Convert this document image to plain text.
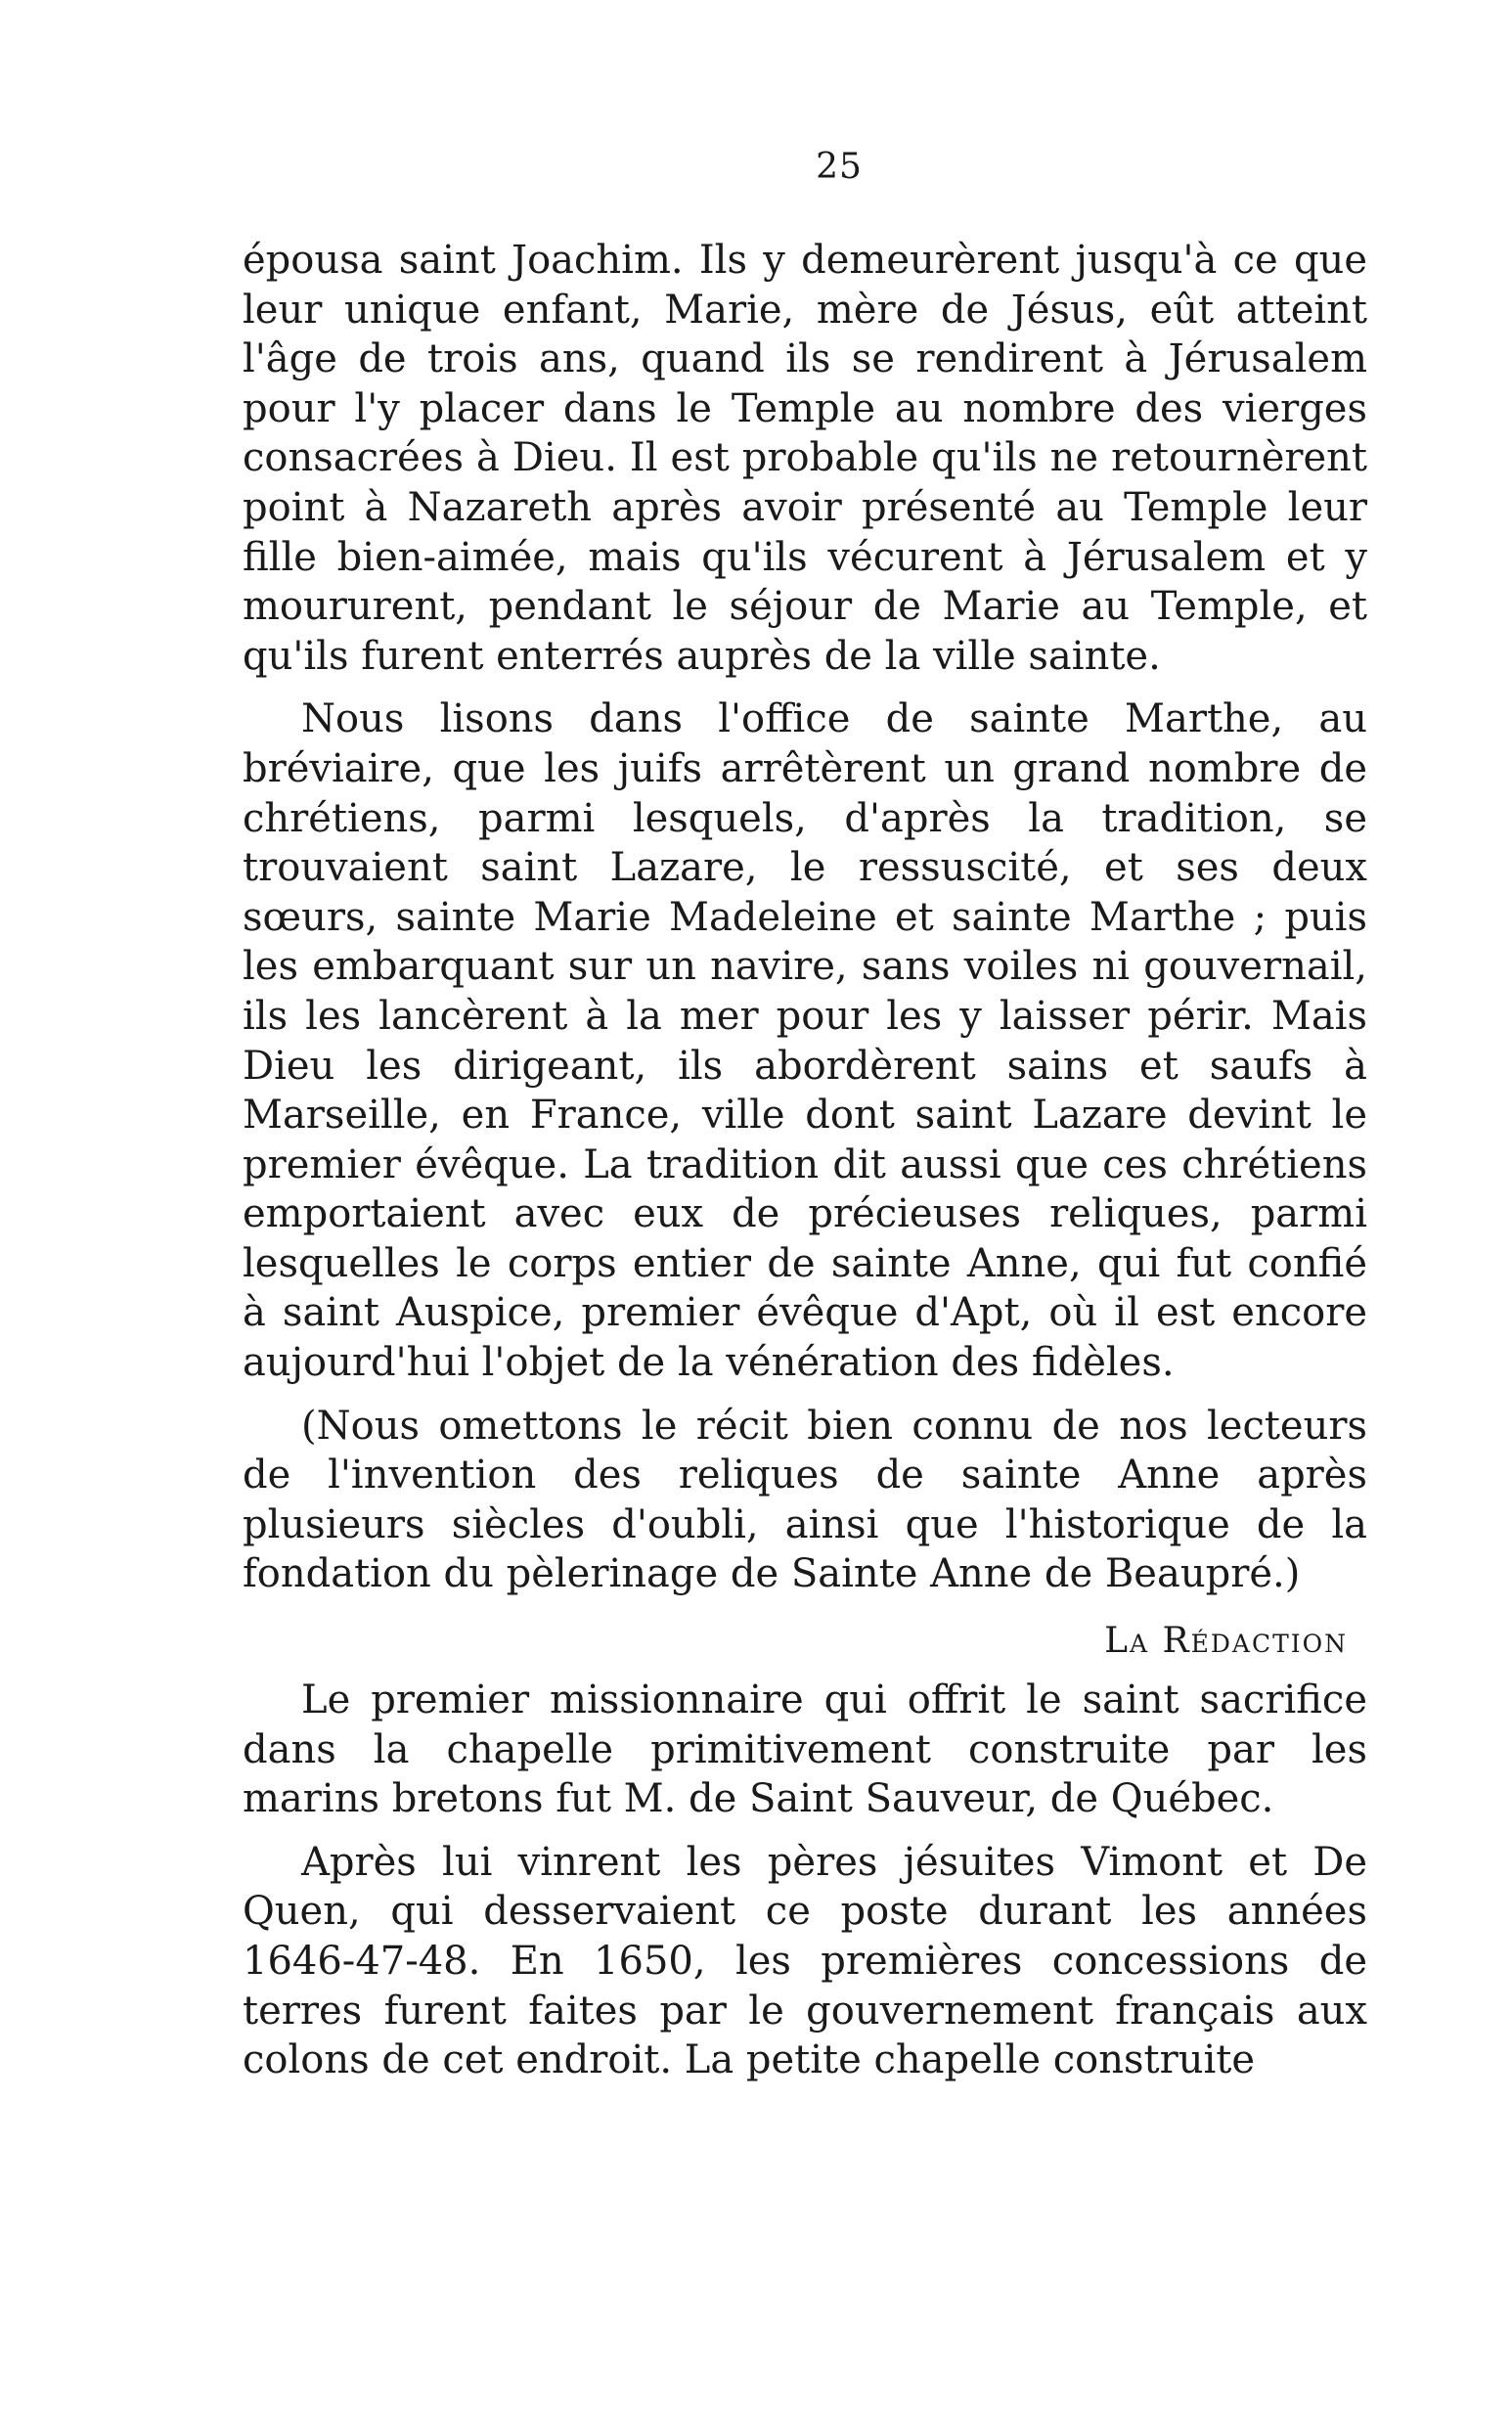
25

épousa saint Joachim. Ils y demeurèrent jusqu'à ce que leur unique enfant, Marie, mère de Jésus, eût atteint l'âge de trois ans, quand ils se rendirent à Jérusalem pour l'y placer dans le Temple au nombre des vierges consacrées à Dieu. Il est probable qu'ils ne retournèrent point à Nazareth après avoir présenté au Temple leur fille bien-aimée, mais qu'ils vécurent à Jérusalem et y moururent, pendant le séjour de Marie au Temple, et qu'ils furent enterrés auprès de la ville sainte.

Nous lisons dans l'office de sainte Marthe, au bréviaire, que les juifs arrêtèrent un grand nombre de chrétiens, parmi lesquels, d'après la tradition, se trouvaient saint Lazare, le ressuscité, et ses deux sœurs, sainte Marie Madeleine et sainte Marthe ; puis les embarquant sur un navire, sans voiles ni gouvernail, ils les lancèrent à la mer pour les y laisser périr. Mais Dieu les dirigeant, ils abordèrent sains et saufs à Marseille, en France, ville dont saint Lazare devint le premier évêque. La tradition dit aussi que ces chrétiens emportaient avec eux de précieuses reliques, parmi lesquelles le corps entier de sainte Anne, qui fut confié à saint Auspice, premier évêque d'Apt, où il est encore aujourd'hui l'objet de la vénération des fidèles.

(Nous omettons le récit bien connu de nos lecteurs de l'invention des reliques de sainte Anne après plusieurs siècles d'oubli, ainsi que l'historique de la fondation du pèlerinage de Sainte Anne de Beaupré.)

La Rédaction

Le premier missionnaire qui offrit le saint sacrifice dans la chapelle primitivement construite par les marins bretons fut M. de Saint Sauveur, de Québec.

Après lui vinrent les pères jésuites Vimont et De Quen, qui desservaient ce poste durant les années 1646-47-48. En 1650, les premières concessions de terres furent faites par le gouvernement français aux colons de cet endroit. La petite chapelle construite
